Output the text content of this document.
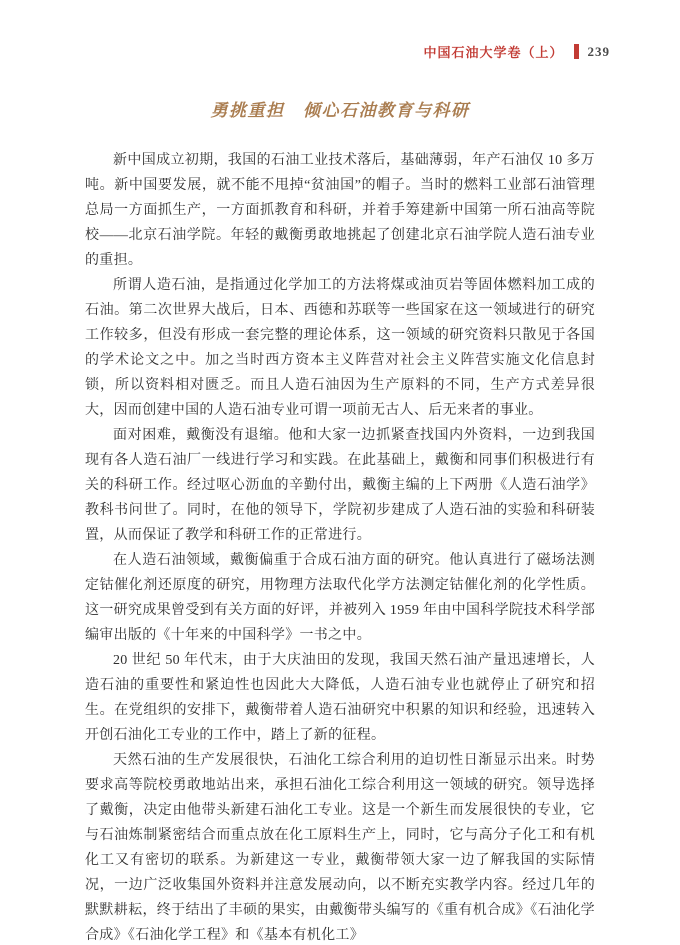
中国石油大学卷（上） 239
勇挑重担　倾心石油教育与科研

新中国成立初期，我国的石油工业技术落后，基础薄弱，年产石油仅 10 多万吨。新中国要发展，就不能不甩掉“贫油国”的帽子。当时的燃料工业部石油管理总局一方面抓生产，一方面抓教育和科研，并着手筹建新中国第一所石油高等院校——北京石油学院。年轻的戴衡勇敢地挑起了创建北京石油学院人造石油专业的重担。

所谓人造石油，是指通过化学加工的方法将煤或油页岩等固体燃料加工成的石油。第二次世界大战后，日本、西德和苏联等一些国家在这一领域进行的研究工作较多，但没有形成一套完整的理论体系，这一领域的研究资料只散见于各国的学术论文之中。加之当时西方资本主义阵营对社会主义阵营实施文化信息封锁，所以资料相对匮乏。而且人造石油因为生产原料的不同，生产方式差异很大，因而创建中国的人造石油专业可谓一项前无古人、后无来者的事业。

面对困难，戴衡没有退缩。他和大家一边抓紧查找国内外资料，一边到我国现有各人造石油厂一线进行学习和实践。在此基础上，戴衡和同事们积极进行有关的科研工作。经过呕心沥血的辛勤付出，戴衡主编的上下两册《人造石油学》教科书问世了。同时，在他的领导下，学院初步建成了人造石油的实验和科研装置，从而保证了教学和科研工作的正常进行。

在人造石油领域，戴衡偏重于合成石油方面的研究。他认真进行了磁场法测定钴催化剂还原度的研究，用物理方法取代化学方法测定钴催化剂的化学性质。这一研究成果曾受到有关方面的好评，并被列入 1959 年由中国科学院技术科学部编审出版的《十年来的中国科学》一书之中。

20 世纪 50 年代末，由于大庆油田的发现，我国天然石油产量迅速增长，人造石油的重要性和紧迫性也因此大大降低，人造石油专业也就停止了研究和招生。在党组织的安排下，戴衡带着人造石油研究中积累的知识和经验，迅速转入开创石油化工专业的工作中，踏上了新的征程。

天然石油的生产发展很快，石油化工综合利用的迫切性日渐显示出来。时势要求高等院校勇敢地站出来，承担石油化工综合利用这一领域的研究。领导选择了戴衡，决定由他带头新建石油化工专业。这是一个新生而发展很快的专业，它与石油炼制紧密结合而重点放在化工原料生产上，同时，它与高分子化工和有机化工又有密切的联系。为新建这一专业，戴衡带领大家一边了解我国的实际情况，一边广泛收集国外资料并注意发展动向，以不断充实教学内容。经过几年的默默耕耘，终于结出了丰硕的果实，由戴衡带头编写的《重有机合成》《石油化学合成》《石油化学工程》和《基本有机化工》
